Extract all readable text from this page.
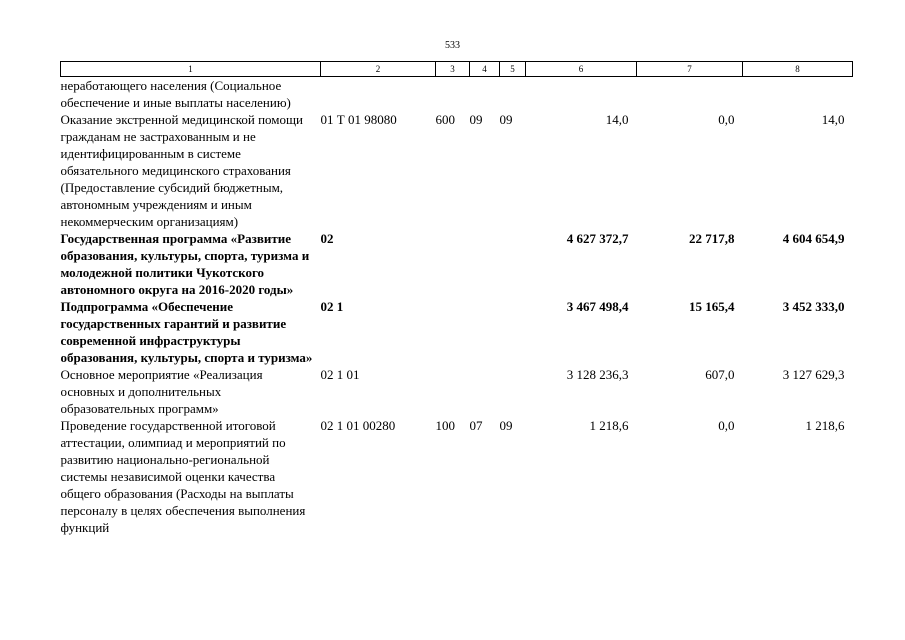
533
1	2	3	4	5	6	7	8
неработающего населения (Социальное обеспечение и иные выплаты населению)							
Оказание экстренной медицинской помощи гражданам не застрахованным и не идентифицированным в системе обязательного медицинского страхования (Предоставление субсидий бюджетным, автономным учреждениям и иным некоммерческим организациям)	01 Т 01 98080	600	09	09	14,0	0,0	14,0
Государственная программа «Развитие образования, культуры, спорта, туризма и молодежной политики Чукотского автономного округа на 2016-2020 годы»	02				4 627 372,7	22 717,8	4 604 654,9
Подпрограмма «Обеспечение государственных гарантий и развитие современной инфраструктуры образования, культуры, спорта и туризма»	02 1				3 467 498,4	15 165,4	3 452 333,0
Основное мероприятие «Реализация основных и дополнительных образовательных программ»	02 1 01				3 128 236,3	607,0	3 127 629,3
Проведение государственной итоговой аттестации, олимпиад и мероприятий по развитию национально-региональной системы независимой оценки качества общего образования (Расходы на выплаты персоналу в целях обеспечения выполнения функций	02 1 01 00280	100	07	09	1 218,6	0,0	1 218,6
